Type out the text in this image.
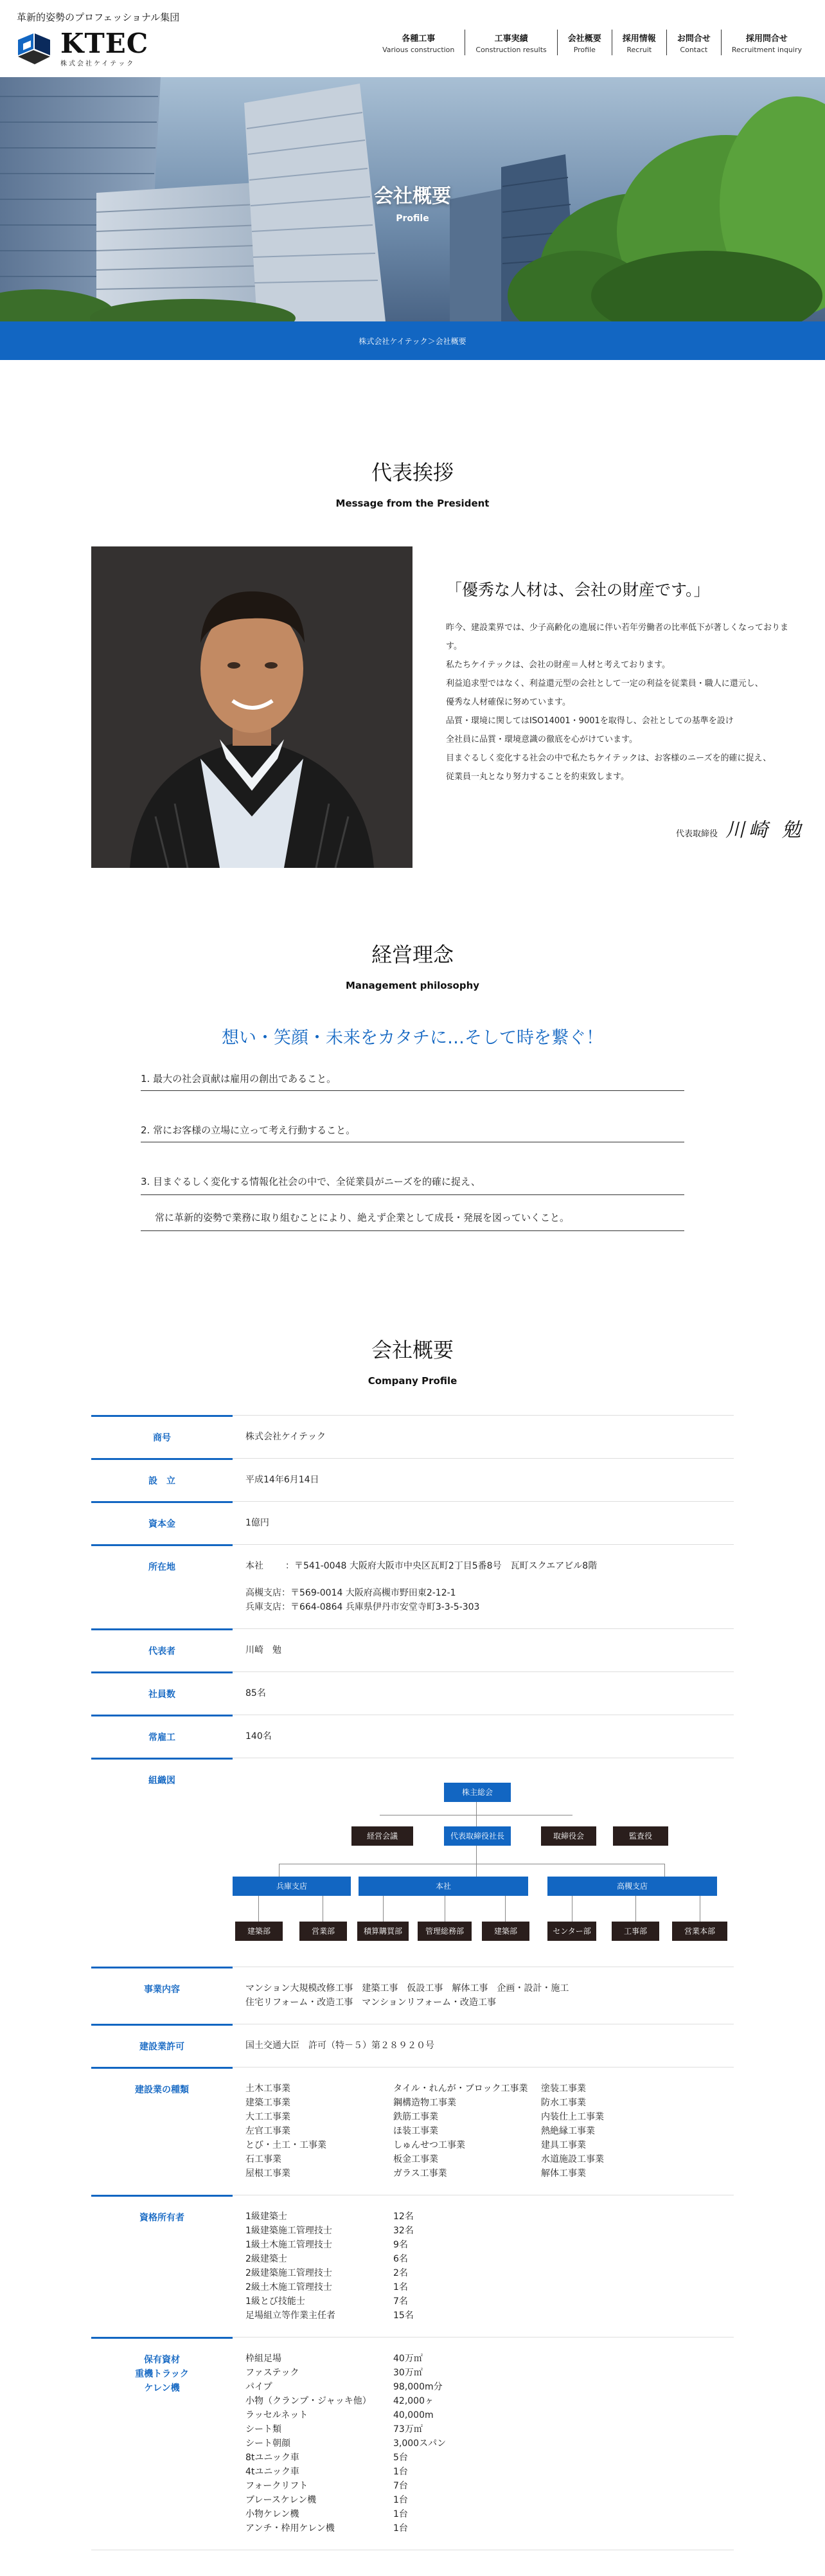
革新的姿勢のプロフェッショナル集団
KTEC
株式会社ケイテック
各種工事
Various construction
工事実績
Construction results
会社概要
Profile
採用情報
Recruit
お問合せ
Contact
採用問合せ
Recruitment inquiry
会社概要
Profile
株式会社ケイテック＞会社概要
代表挨拶
Message from the President
「優秀な人材は、会社の財産です。」
昨今、建設業界では、少子高齢化の進展に伴い若年労働者の比率低下が著しくなっておりま
す。
私たちケイテックは、会社の財産＝人材と考えております。
利益追求型ではなく、利益還元型の会社として一定の利益を従業員・職人に還元し、
優秀な人材確保に努めています。
品質・環境に関してはISO14001・9001を取得し、会社としての基準を設け
全社員に品質・環境意識の徹底を心がけています。
目まぐるしく変化する社会の中で私たちケイテックは、お客様のニーズを的確に捉え、
従業員一丸となり努力することを約束致します。
代表取締役 川崎 勉
経営理念
Management philosophy
想い・笑顔・未来をカタチに…そして時を繋ぐ！
1. 最大の社会貢献は雇用の創出であること。
2. 常にお客様の立場に立って考え行動すること。
3. 目まぐるしく変化する情報化社会の中で、全従業員がニーズを的確に捉え、
常に革新的姿勢で業務に取り組むことにより、絶えず企業として成長・発展を図っていくこと。
会社概要
Company Profile
商号	株式会社ケイテック
設　立	平成14年6月14日
資本金	1億円
所在地	本社 ：〒541-0048 大阪府大阪市中央区瓦町2丁目5番8号　瓦町スクエアビル8階
高槻支店：〒569-0014 大阪府高槻市野田東2-12-1
兵庫支店：〒664-0864 兵庫県伊丹市安堂寺町3-3-5-303
代表者	川崎　勉
社員数	85名
常雇工	140名
組織図
株主総会
経営会議	代表取締役社長	取締役会	監査役
兵庫支店	本社	高槻支店
建築部	営業部	積算購買部	管理総務部	建築部	センター部	工事部	営業本部
事業内容	マンション大規模改修工事　建築工事　仮設工事　解体工事　企画・設計・施工
住宅リフォーム・改造工事　マンションリフォーム・改造工事
建設業許可	国土交通大臣　許可（特－５）第２８９２０号
建設業の種類	土木工事業	タイル・れんが・ブロック工事業	塗装工事業
建築工事業	鋼構造物工事業	防水工事業
大工工事業	鉄筋工事業	内装仕上工事業
左官工事業	ほ装工事業	熱絶縁工事業
とび・土工・工事業	しゅんせつ工事業	建具工事業
石工事業	板金工事業	水道施設工事業
屋根工事業	ガラス工事業	解体工事業
資格所有者	1級建築士	12名
1級建築施工管理技士	32名
1級土木施工管理技士	9名
2級建築士	6名
2級建築施工管理技士	2名
2級土木施工管理技士	1名
1級とび技能士	7名
足場組立等作業主任者	15名
保有資材
重機トラック
ケレン機
枠組足場	40万㎡
ファステック	30万㎡
パイプ	98,000m分
小物（クランプ・ジャッキ他）	42,000ヶ
ラッセルネット	40,000m
シート類	73万㎡
シート朝顔	3,000スパン
8tユニック車	5台
4tユニック車	1台
フォークリフト	7台
ブレースケレン機	1台
小物ケレン機	1台
アンチ・枠用ケレン機	1台
